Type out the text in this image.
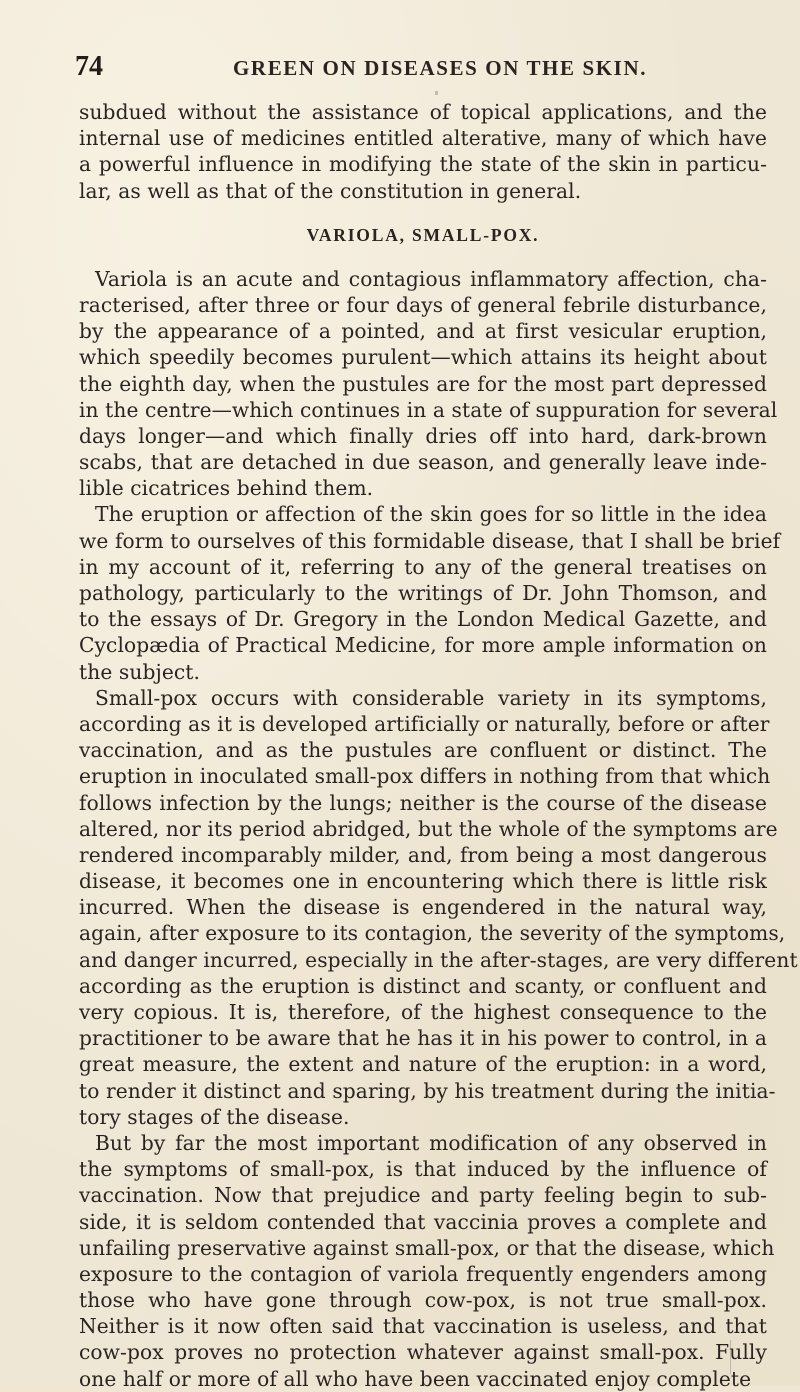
74	GREEN ON DISEASES ON THE SKIN.
subdued without the assistance of topical applications, and the
internal use of medicines entitled alterative, many of which have
a powerful influence in modifying the state of the skin in particu-
lar, as well as that of the constitution in general.
VARIOLA, SMALL-POX.
Variola is an acute and contagious inflammatory affection, cha-
racterised, after three or four days of general febrile disturbance,
by the appearance of a pointed, and at first vesicular eruption,
which speedily becomes purulent—which attains its height about
the eighth day, when the pustules are for the most part depressed
in the centre—which continues in a state of suppuration for several
days longer—and which finally dries off into hard, dark-brown
scabs, that are detached in due season, and generally leave inde-
lible cicatrices behind them.
The eruption or affection of the skin goes for so little in the idea
we form to ourselves of this formidable disease, that I shall be brief
in my account of it, referring to any of the general treatises on
pathology, particularly to the writings of Dr. John Thomson, and
to the essays of Dr. Gregory in the London Medical Gazette, and
Cyclopædia of Practical Medicine, for more ample information on
the subject.
Small-pox occurs with considerable variety in its symptoms,
according as it is developed artificially or naturally, before or after
vaccination, and as the pustules are confluent or distinct. The
eruption in inoculated small-pox differs in nothing from that which
follows infection by the lungs; neither is the course of the disease
altered, nor its period abridged, but the whole of the symptoms are
rendered incomparably milder, and, from being a most dangerous
disease, it becomes one in encountering which there is little risk
incurred. When the disease is engendered in the natural way,
again, after exposure to its contagion, the severity of the symptoms,
and danger incurred, especially in the after-stages, are very different
according as the eruption is distinct and scanty, or confluent and
very copious. It is, therefore, of the highest consequence to the
practitioner to be aware that he has it in his power to control, in a
great measure, the extent and nature of the eruption: in a word,
to render it distinct and sparing, by his treatment during the initia-
tory stages of the disease.
But by far the most important modification of any observed in
the symptoms of small-pox, is that induced by the influence of
vaccination. Now that prejudice and party feeling begin to sub-
side, it is seldom contended that vaccinia proves a complete and
unfailing preservative against small-pox, or that the disease, which
exposure to the contagion of variola frequently engenders among
those who have gone through cow-pox, is not true small-pox.
Neither is it now often said that vaccination is useless, and that
cow-pox proves no protection whatever against small-pox. Fully
one half or more of all who have been vaccinated enjoy complete
